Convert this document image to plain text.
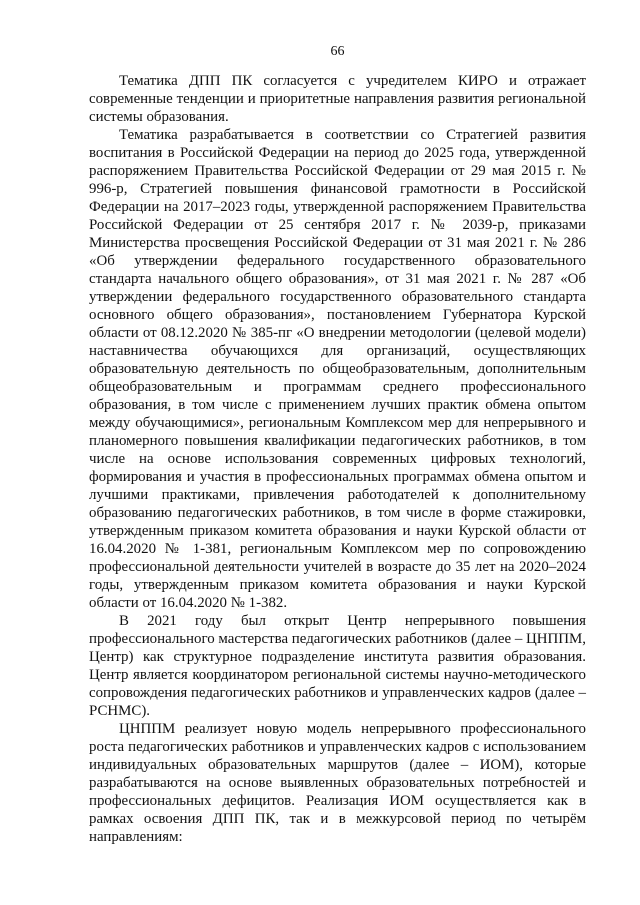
66

Тематика ДПП ПК согласуется с учредителем КИРО и отражает современные тенденции и приоритетные направления развития региональной системы образования.

Тематика разрабатывается в соответствии со Стратегией развития воспитания в Российской Федерации на период до 2025 года, утвержденной распоряжением Правительства Российской Федерации от 29 мая 2015 г. № 996-р, Стратегией повышения финансовой грамотности в Российской Федерации на 2017–2023 годы, утвержденной распоряжением Правительства Российской Федерации от 25 сентября 2017 г. № 2039-р, приказами Министерства просвещения Российской Федерации от 31 мая 2021 г. № 286 «Об утверждении федерального государственного образовательного стандарта начального общего образования», от 31 мая 2021 г. № 287 «Об утверждении федерального государственного образовательного стандарта основного общего образования», постановлением Губернатора Курской области от 08.12.2020 № 385-пг «О внедрении методологии (целевой модели) наставничества обучающихся для организаций, осуществляющих образовательную деятельность по общеобразовательным, дополнительным общеобразовательным и программам среднего профессионального образования, в том числе с применением лучших практик обмена опытом между обучающимися», региональным Комплексом мер для непрерывного и планомерного повышения квалификации педагогических работников, в том числе на основе использования современных цифровых технологий, формирования и участия в профессиональных программах обмена опытом и лучшими практиками, привлечения работодателей к дополнительному образованию педагогических работников, в том числе в форме стажировки, утвержденным приказом комитета образования и науки Курской области от 16.04.2020 № 1-381, региональным Комплексом мер по сопровождению профессиональной деятельности учителей в возрасте до 35 лет на 2020–2024 годы, утвержденным приказом комитета образования и науки Курской области от 16.04.2020 № 1-382.

В 2021 году был открыт Центр непрерывного повышения профессионального мастерства педагогических работников (далее – ЦНППМ, Центр) как структурное подразделение института развития образования. Центр является координатором региональной системы научно-методического сопровождения педагогических работников и управленческих кадров (далее – РСНМС).

ЦНППМ реализует новую модель непрерывного профессионального роста педагогических работников и управленческих кадров с использованием индивидуальных образовательных маршрутов (далее – ИОМ), которые разрабатываются на основе выявленных образовательных потребностей и профессиональных дефицитов. Реализация ИОМ осуществляется как в рамках освоения ДПП ПК, так и в межкурсовой период по четырём направлениям:
